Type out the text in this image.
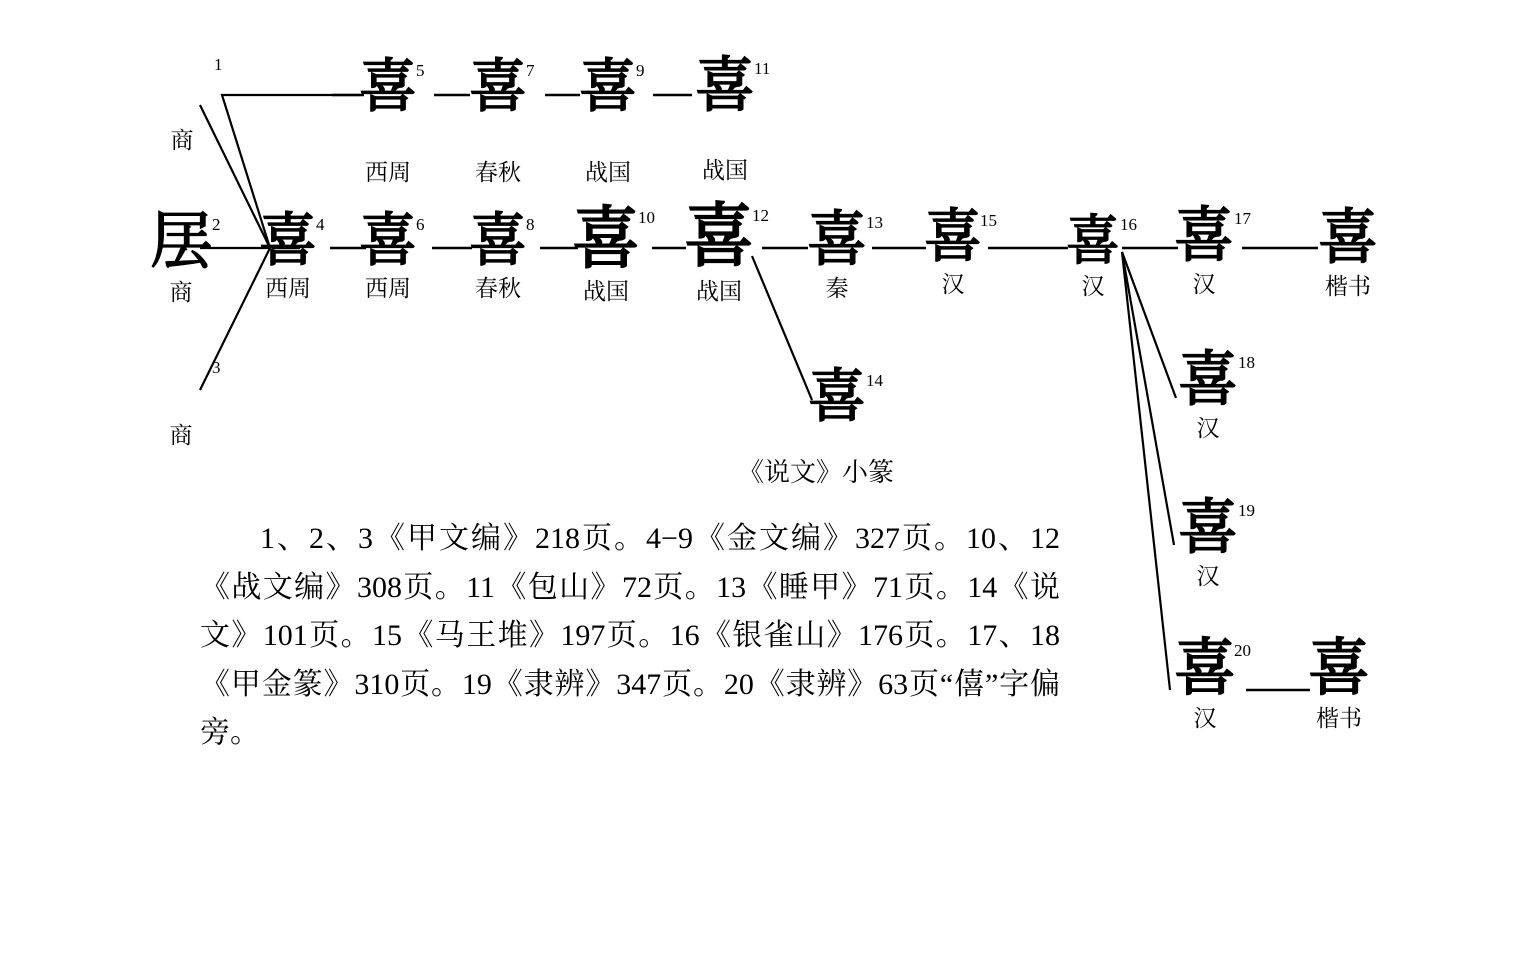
𠴍 1
商
𡱅 2
商
𤰔 3
商
喜 4
西周
喜 5
西周
喜 6
西周
喜 7
春秋
喜 8
春秋
喜 9
战国
喜
10
战国
喜 11
战国
喜
12
战国
喜 13
秦
喜 14
《说文》小篆
喜
15
汉
喜 16
汉
喜 17
汉
喜 18
汉
喜 19
汉
喜
20
汉
喜
楷书
喜
楷书
1、2、3《甲文编》218页。4−9《金文编》327页。10、12《战文编》308页。11《包山》72页。13《睡甲》71页。14《说文》101页。15《马王堆》197页。16《银雀山》176页。17、18《甲金篆》310页。19《隶辨》347页。20《隶辨》63页“僖”字偏旁。
